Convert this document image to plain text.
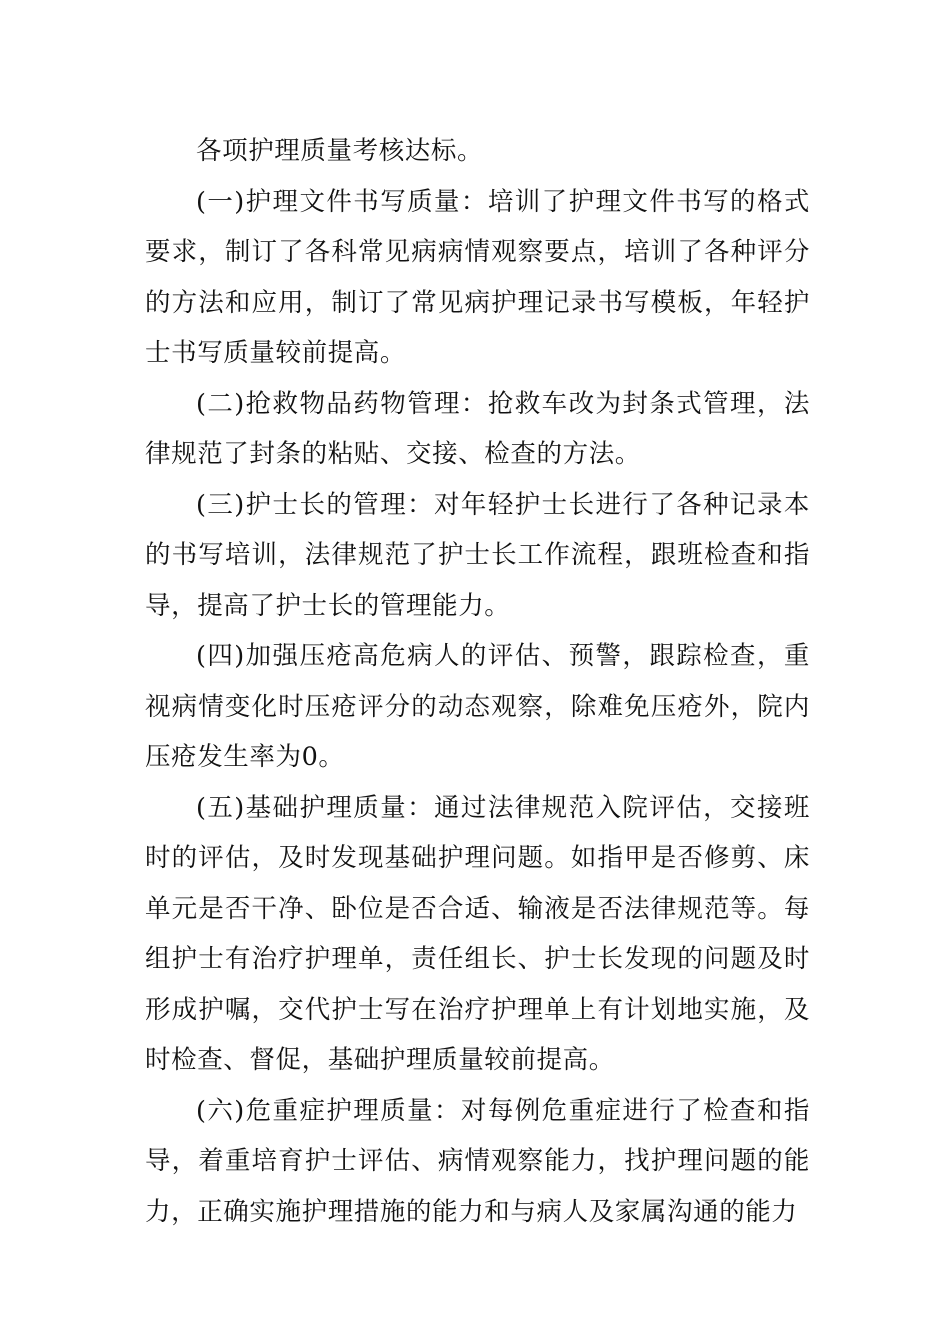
各项护理质量考核达标。

(一)护理文件书写质量：培训了护理文件书写的格式要求，制订了各科常见病病情观察要点，培训了各种评分的方法和应用，制订了常见病护理记录书写模板，年轻护士书写质量较前提高。

(二)抢救物品药物管理：抢救车改为封条式管理，法律规范了封条的粘贴、交接、检查的方法。

(三)护士长的管理：对年轻护士长进行了各种记录本的书写培训，法律规范了护士长工作流程，跟班检查和指导，提高了护士长的管理能力。

(四)加强压疮高危病人的评估、预警，跟踪检查，重视病情变化时压疮评分的动态观察，除难免压疮外，院内压疮发生率为0。

(五)基础护理质量：通过法律规范入院评估，交接班时的评估，及时发现基础护理问题。如指甲是否修剪、床单元是否干净、卧位是否合适、输液是否法律规范等。每组护士有治疗护理单，责任组长、护士长发现的问题及时形成护嘱，交代护士写在治疗护理单上有计划地实施，及时检查、督促，基础护理质量较前提高。

(六)危重症护理质量：对每例危重症进行了检查和指导，着重培育护士评估、病情观察能力，找护理问题的能力，正确实施护理措施的能力和与病人及家属沟通的能力
